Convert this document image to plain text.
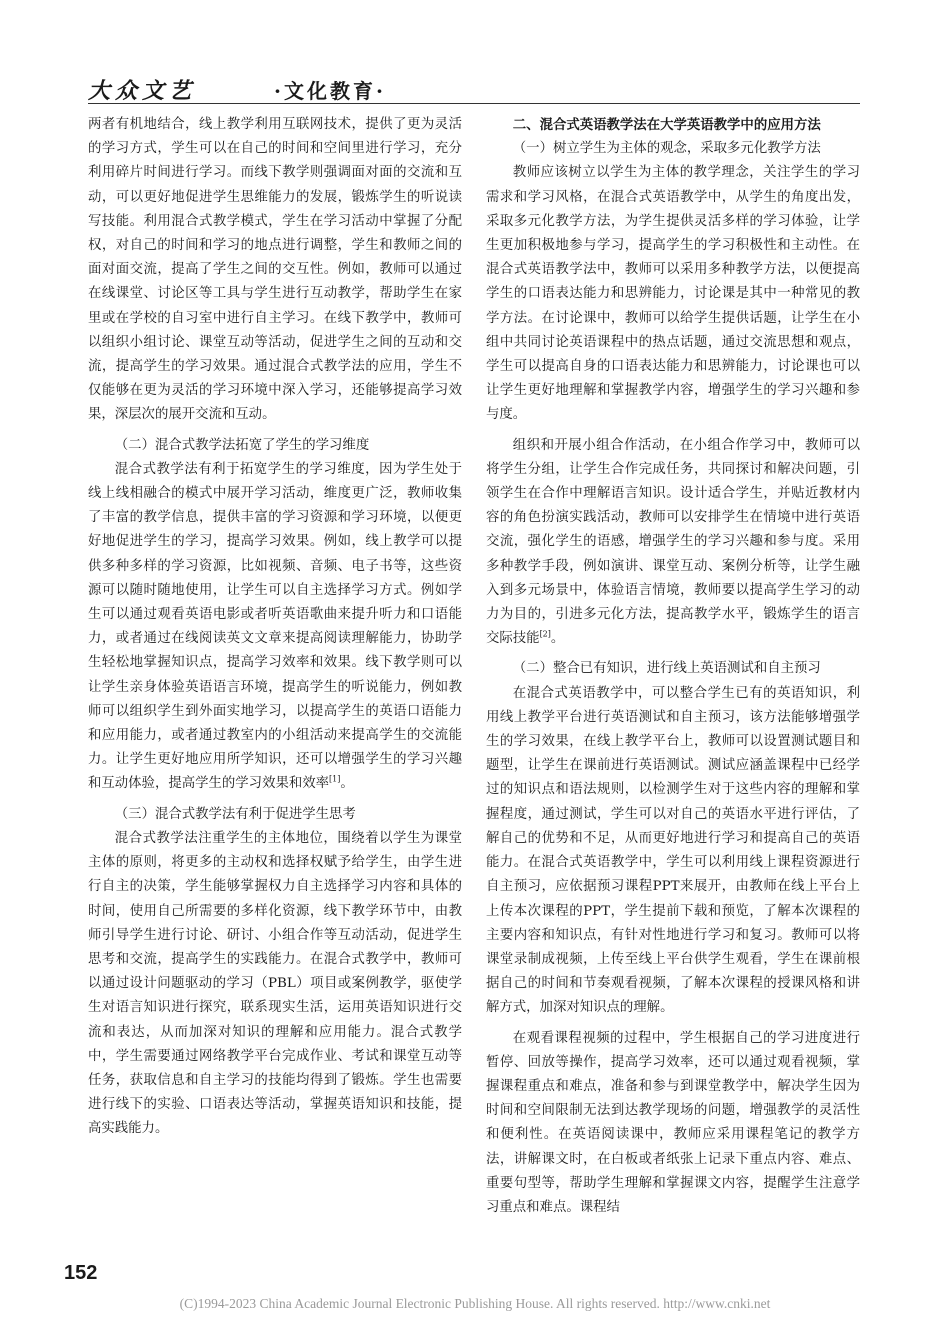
大众文艺	·文化教育·

两者有机地结合，线上教学利用互联网技术，提供了更为灵活的学习方式，学生可以在自己的时间和空间里进行学习，充分利用碎片时间进行学习。而线下教学则强调面对面的交流和互动，可以更好地促进学生思维能力的发展，锻炼学生的听说读写技能。利用混合式教学模式，学生在学习活动中掌握了分配权，对自己的时间和学习的地点进行调整，学生和教师之间的面对面交流，提高了学生之间的交互性。例如，教师可以通过在线课堂、讨论区等工具与学生进行互动教学，帮助学生在家里或在学校的自习室中进行自主学习。在线下教学中，教师可以组织小组讨论、课堂互动等活动，促进学生之间的互动和交流，提高学生的学习效果。通过混合式教学法的应用，学生不仅能够在更为灵活的学习环境中深入学习，还能够提高学习效果，深层次的展开交流和互动。

（二）混合式教学法拓宽了学生的学习维度

混合式教学法有利于拓宽学生的学习维度，因为学生处于线上线相融合的模式中展开学习活动，维度更广泛，教师收集了丰富的教学信息，提供丰富的学习资源和学习环境，以便更好地促进学生的学习，提高学习效果。例如，线上教学可以提供多种多样的学习资源，比如视频、音频、电子书等，这些资源可以随时随地使用，让学生可以自主选择学习方式。例如学生可以通过观看英语电影或者听英语歌曲来提升听力和口语能力，或者通过在线阅读英文文章来提高阅读理解能力，协助学生轻松地掌握知识点，提高学习效率和效果。线下教学则可以让学生亲身体验英语语言环境，提高学生的听说能力，例如教师可以组织学生到外面实地学习，以提高学生的英语口语能力和应用能力，或者通过教室内的小组活动来提高学生的交流能力。让学生更好地应用所学知识，还可以增强学生的学习兴趣和互动体验，提高学生的学习效果和效率[1]。

（三）混合式教学法有利于促进学生思考

混合式教学法注重学生的主体地位，围绕着以学生为课堂主体的原则，将更多的主动权和选择权赋予给学生，由学生进行自主的决策，学生能够掌握权力自主选择学习内容和具体的时间，使用自己所需要的多样化资源，线下教学环节中，由教师引导学生进行讨论、研讨、小组合作等互动活动，促进学生思考和交流，提高学生的实践能力。在混合式教学中，教师可以通过设计问题驱动的学习（PBL）项目或案例教学，驱使学生对语言知识进行探究，联系现实生活，运用英语知识进行交流和表达，从而加深对知识的理解和应用能力。混合式教学中，学生需要通过网络教学平台完成作业、考试和课堂互动等任务，获取信息和自主学习的技能均得到了锻炼。学生也需要进行线下的实验、口语表达等活动，掌握英语知识和技能，提高实践能力。

二、混合式英语教学法在大学英语教学中的应用方法
（一）树立学生为主体的观念，采取多元化教学方法

教师应该树立以学生为主体的教学理念，关注学生的学习需求和学习风格，在混合式英语教学中，从学生的角度出发，采取多元化教学方法，为学生提供灵活多样的学习体验，让学生更加积极地参与学习，提高学生的学习积极性和主动性。在混合式英语教学法中，教师可以采用多种教学方法，以便提高学生的口语表达能力和思辨能力，讨论课是其中一种常见的教学方法。在讨论课中，教师可以给学生提供话题，让学生在小组中共同讨论英语课程中的热点话题，通过交流思想和观点，学生可以提高自身的口语表达能力和思辨能力，讨论课也可以让学生更好地理解和掌握教学内容，增强学生的学习兴趣和参与度。

组织和开展小组合作活动，在小组合作学习中，教师可以将学生分组，让学生合作完成任务，共同探讨和解决问题，引领学生在合作中理解语言知识。设计适合学生，并贴近教材内容的角色扮演实践活动，教师可以安排学生在情境中进行英语交流，强化学生的语感，增强学生的学习兴趣和参与度。采用多种教学手段，例如演讲、课堂互动、案例分析等，让学生融入到多元场景中，体验语言情境，教师要以提高学生学习的动力为目的，引进多元化方法，提高教学水平，锻炼学生的语言交际技能[2]。

（二）整合已有知识，进行线上英语测试和自主预习

在混合式英语教学中，可以整合学生已有的英语知识，利用线上教学平台进行英语测试和自主预习，该方法能够增强学生的学习效果，在线上教学平台上，教师可以设置测试题目和题型，让学生在课前进行英语测试。测试应涵盖课程中已经学过的知识点和语法规则，以检测学生对于这些内容的理解和掌握程度，通过测试，学生可以对自己的英语水平进行评估，了解自己的优势和不足，从而更好地进行学习和提高自己的英语能力。在混合式英语教学中，学生可以利用线上课程资源进行自主预习，应依据预习课程PPT来展开，由教师在线上平台上上传本次课程的PPT，学生提前下载和预览，了解本次课程的主要内容和知识点，有针对性地进行学习和复习。教师可以将课堂录制成视频，上传至线上平台供学生观看，学生在课前根据自己的时间和节奏观看视频，了解本次课程的授课风格和讲解方式，加深对知识点的理解。

在观看课程视频的过程中，学生根据自己的学习进度进行暂停、回放等操作，提高学习效率，还可以通过观看视频，掌握课程重点和难点，准备和参与到课堂教学中，解决学生因为时间和空间限制无法到达教学现场的问题，增强教学的灵活性和便利性。在英语阅读课中，教师应采用课程笔记的教学方法，讲解课文时，在白板或者纸张上记录下重点内容、难点、重要句型等，帮助学生理解和掌握课文内容，提醒学生注意学习重点和难点。课程结

152
(C)1994-2023 China Academic Journal Electronic Publishing House. All rights reserved. http://www.cnki.net
